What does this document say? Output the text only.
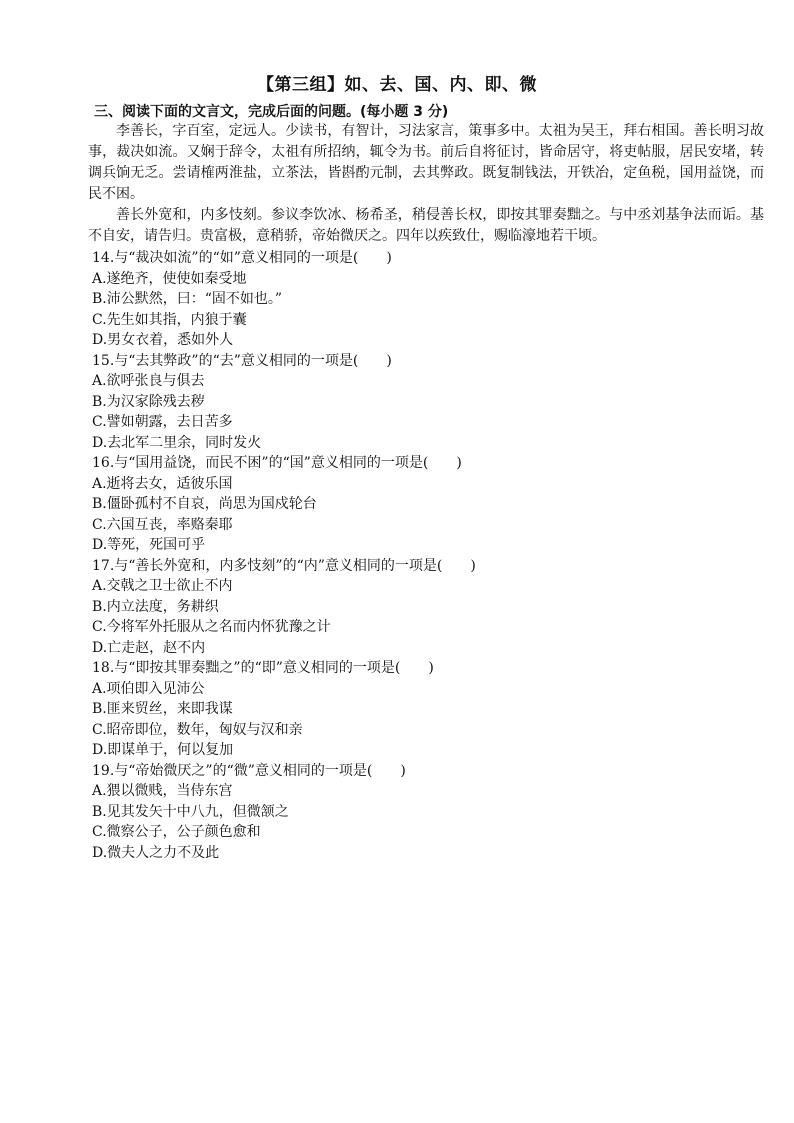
【第三组】如、去、国、内、即、微
三、阅读下面的文言文，完成后面的问题。(每小题 3 分)

李善长，字百室，定远人。少读书，有智计，习法家言，策事多中。太祖为吴王，拜右相国。善长明习故事，裁决如流。又娴于辞令，太祖有所招纳，辄令为书。前后自将征讨，皆命居守，将吏帖服，居民安堵，转调兵饷无乏。尝请榷两淮盐，立茶法，皆斟酌元制，去其弊政。既复制钱法，开铁冶，定鱼税，国用益饶，而民不困。

善长外宽和，内多忮刻。参议李饮冰、杨希圣，稍侵善长权，即按其罪奏黜之。与中丞刘基争法而诟。基不自安，请告归。贵富极，意稍骄，帝始微厌之。四年以疾致仕，赐临濠地若干顷。

14.与“裁决如流”的“如”意义相同的一项是(　　)
A.遂绝齐，使使如秦受地
B.沛公默然，曰：“固不如也。”
C.先生如其指，内狼于囊
D.男女衣着，悉如外人
15.与“去其弊政”的“去”意义相同的一项是(　　)
A.欲呼张良与俱去
B.为汉家除残去秽
C.譬如朝露，去日苦多
D.去北军二里余，同时发火
16.与“国用益饶，而民不困”的“国”意义相同的一项是(　　)
A.逝将去女，适彼乐国
B.僵卧孤村不自哀，尚思为国戍轮台
C.六国互丧，率赂秦耶
D.等死，死国可乎
17.与“善长外宽和，内多忮刻”的“内”意义相同的一项是(　　)
A.交戟之卫士欲止不内
B.内立法度，务耕织
C.今将军外托服从之名而内怀犹豫之计
D.亡走赵，赵不内
18.与“即按其罪奏黜之”的“即”意义相同的一项是(　　)
A.项伯即入见沛公
B.匪来贸丝，来即我谋
C.昭帝即位，数年，匈奴与汉和亲
D.即谋单于，何以复加
19.与“帝始微厌之”的“微”意义相同的一项是(　　)
A.猥以微贱，当侍东宫
B.见其发矢十中八九，但微颔之
C.微察公子，公子颜色愈和
D.微夫人之力不及此
